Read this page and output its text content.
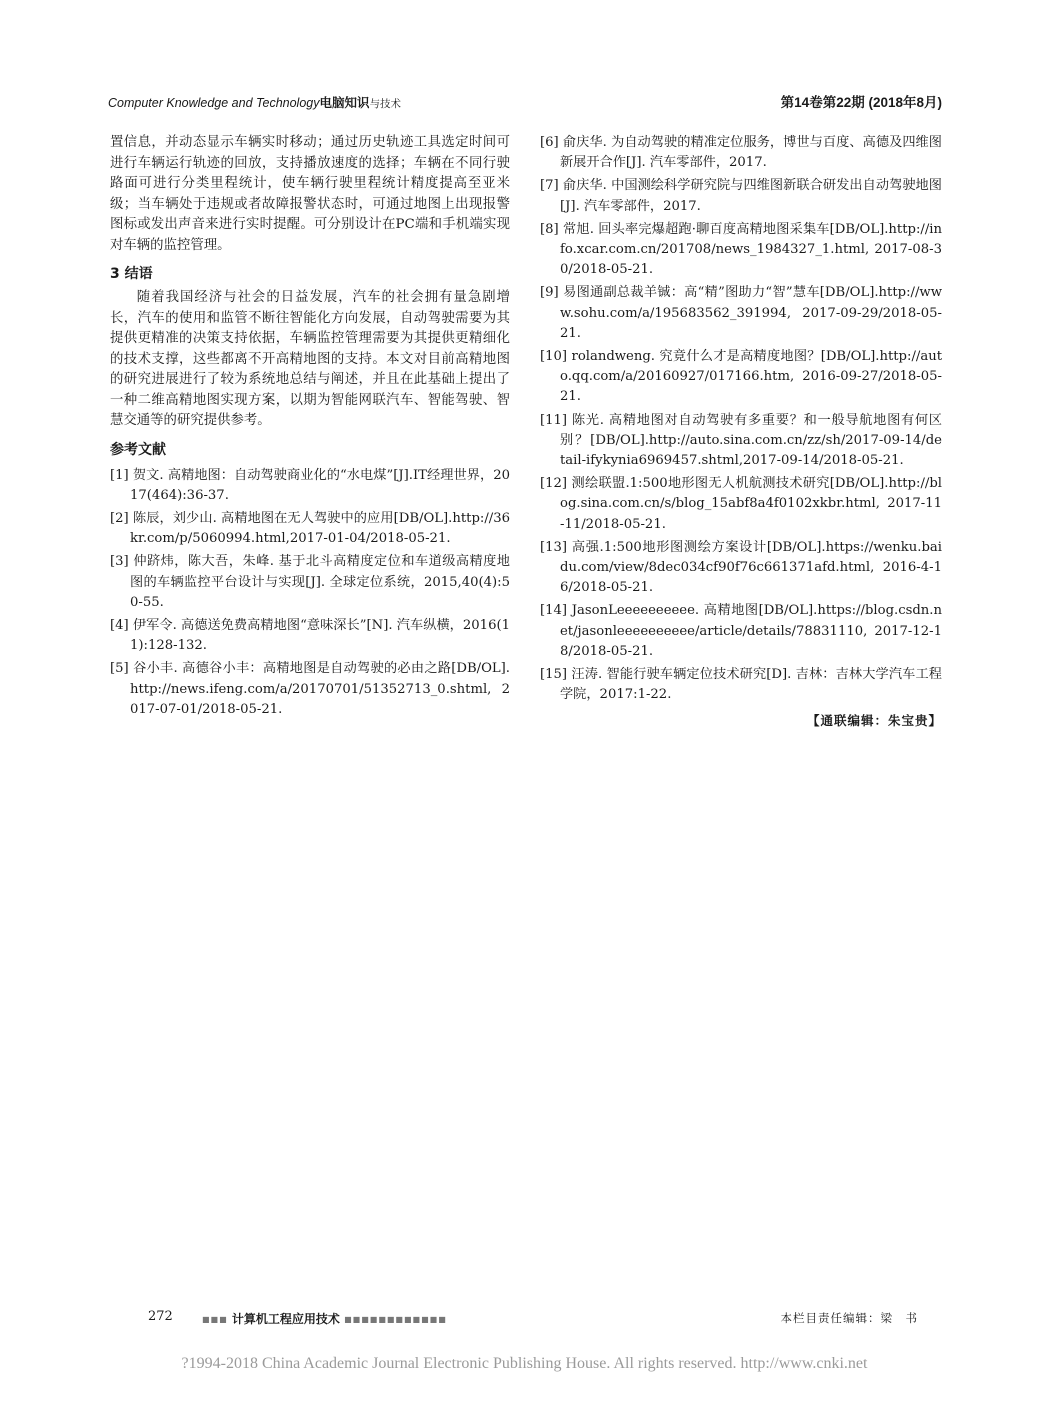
Computer Knowledge and Technology电脑知识与技术	第14卷第22期 (2018年8月)

置信息，并动态显示车辆实时移动；通过历史轨迹工具选定时间可进行车辆运行轨迹的回放，支持播放速度的选择；车辆在不同行驶路面可进行分类里程统计，使车辆行驶里程统计精度提高至亚米级；当车辆处于违规或者故障报警状态时，可通过地图上出现报警图标或发出声音来进行实时提醒。可分别设计在PC端和手机端实现对车辆的监控管理。

3 结语

随着我国经济与社会的日益发展，汽车的社会拥有量急剧增长，汽车的使用和监管不断往智能化方向发展，自动驾驶需要为其提供更精准的决策支持依据，车辆监控管理需要为其提供更精细化的技术支撑，这些都离不开高精地图的支持。本文对目前高精地图的研究进展进行了较为系统地总结与阐述，并且在此基础上提出了一种二维高精地图实现方案，以期为智能网联汽车、智能驾驶、智慧交通等的研究提供参考。

参考文献

[1] 贺文. 高精地图：自动驾驶商业化的“水电煤”[J].IT经理世界，2017(464):36-37.

[2] 陈辰，刘少山. 高精地图在无人驾驶中的应用[DB/OL].http://36kr.com/p/5060994.html,2017-01-04/2018-05-21.

[3] 仲跻炜，陈大吾，朱峰. 基于北斗高精度定位和车道级高精度地图的车辆监控平台设计与实现[J]. 全球定位系统，2015,40(4):50-55.

[4] 伊军令. 高德送免费高精地图“意味深长”[N]. 汽车纵横，2016(11):128-132.

[5] 谷小丰. 高德谷小丰：高精地图是自动驾驶的必由之路[DB/OL]. http://news.ifeng.com/a/20170701/51352713_0.shtml, 2017-07-01/2018-05-21.

[6] 俞庆华. 为自动驾驶的精准定位服务，博世与百度、高德及四维图新展开合作[J]. 汽车零部件，2017.

[7] 俞庆华. 中国测绘科学研究院与四维图新联合研发出自动驾驶地图[J]. 汽车零部件，2017.

[8] 常旭. 回头率完爆超跑·聊百度高精地图采集车[DB/OL].http://info.xcar.com.cn/201708/news_1984327_1.html, 2017-08-30/2018-05-21.

[9] 易图通副总裁羊铖：高“精”图助力“智”慧车[DB/OL].http://www.sohu.com/a/195683562_391994, 2017-09-29/2018-05-21.

[10] rolandweng. 究竟什么才是高精度地图？[DB/OL].http://auto.qq.com/a/20160927/017166.htm, 2016-09-27/2018-05-21.

[11] 陈光. 高精地图对自动驾驶有多重要？和一般导航地图有何区别？[DB/OL].http://auto.sina.com.cn/zz/sh/2017-09-14/detail-ifykynia6969457.shtml,2017-09-14/2018-05-21.

[12] 测绘联盟.1:500地形图无人机航测技术研究[DB/OL].http://blog.sina.com.cn/s/blog_15abf8a4f0102xkbr.html, 2017-11-11/2018-05-21.

[13] 高强.1:500地形图测绘方案设计[DB/OL].https://wenku.baidu.com/view/8dec034cf90f76c661371afd.html, 2016-4-16/2018-05-21.

[14] JasonLeeeeeeeeee. 高精地图[DB/OL].https://blog.csdn.net/jasonleeeeeeeeee/article/details/78831110, 2017-12-18/2018-05-21.

[15] 汪涛. 智能行驶车辆定位技术研究[D]. 吉林：吉林大学汽车工程学院，2017:1-22.

【通联编辑：朱宝贵】
272	■■■ 计算机工程应用技术 ■■■■■■■■■■■■	本栏目责任编辑：梁　书
?1994-2018 China Academic Journal Electronic Publishing House. All rights reserved. http://www.cnki.net
